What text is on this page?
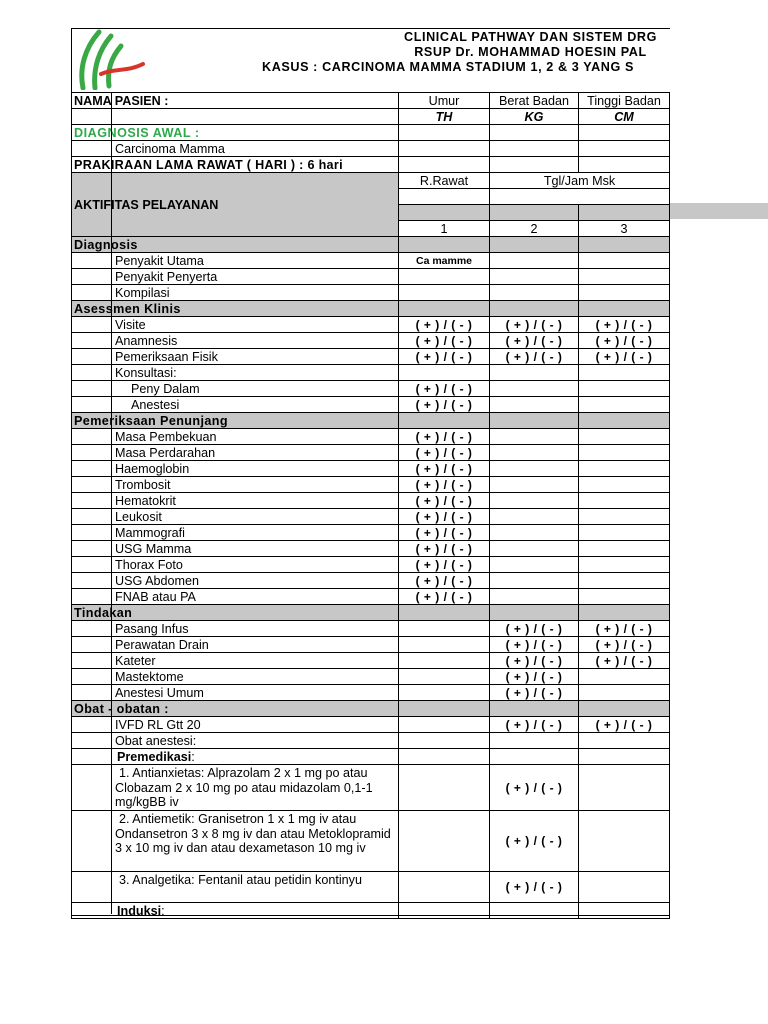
CLINICAL PATHWAY DAN SISTEM DRG
RSUP Dr. MOHAMMAD HOESIN PAL
KASUS : CARCINOMA MAMMA STADIUM 1, 2 & 3 YANG S
NAMA PASIEN :	Umur	Berat Badan	Tinggi Badan
	TH	KG	CM
DIAGNOSIS AWAL :			
Carcinoma Mamma			
PRAKIRAAN LAMA RAWAT ( HARI ) : 6 hari			
AKTIFITAS PELAYANAN	R.Rawat	Tgl/Jam Msk	

	1	2	3
Diagnosis			
Penyakit Utama	Ca mamme		
Penyakit Penyerta			
Kompilasi			
Asessmen Klinis			
Visite	( + ) / ( - )	( + ) / ( - )	( + ) / ( - )
Anamnesis	( + ) / ( - )	( + ) / ( - )	( + ) / ( - )
Pemeriksaan Fisik	( + ) / ( - )	( + ) / ( - )	( + ) / ( - )
Konsultasi:			
Peny Dalam	( + ) / ( - )		
Anestesi	( + ) / ( - )		
Pemeriksaan Penunjang			
Masa Pembekuan	( + ) / ( - )		
Masa Perdarahan	( + ) / ( - )		
Haemoglobin	( + ) / ( - )		
Trombosit	( + ) / ( - )		
Hematokrit	( + ) / ( - )		
Leukosit	( + ) / ( - )		
Mammografi	( + ) / ( - )		
USG Mamma	( + ) / ( - )		
Thorax Foto	( + ) / ( - )		
USG Abdomen	( + ) / ( - )		
FNAB atau PA	( + ) / ( - )		
Tindakan			
Pasang Infus		( + ) / ( - )	( + ) / ( - )
Perawatan Drain		( + ) / ( - )	( + ) / ( - )
Kateter		( + ) / ( - )	( + ) / ( - )
Mastektome		( + ) / ( - )	
Anestesi Umum		( + ) / ( - )	
Obat - obatan :			
IVFD RL Gtt 20		( + ) / ( - )	( + ) / ( - )
Obat anestesi:			
Premedikasi:			
1. Antianxietas: Alprazolam 2 x 1 mg po atau Clobazam 2 x 10 mg po atau midazolam 0,1-1 mg/kgBB iv		( + ) / ( - )	
2. Antiemetik: Granisetron 1 x 1 mg iv atau Ondansetron 3 x 8 mg iv dan atau Metoklopramid 3 x 10 mg iv dan atau dexametason 10 mg iv		( + ) / ( - )	
3. Analgetika: Fentanil atau petidin kontinyu		( + ) / ( - )	
Induksi:			
